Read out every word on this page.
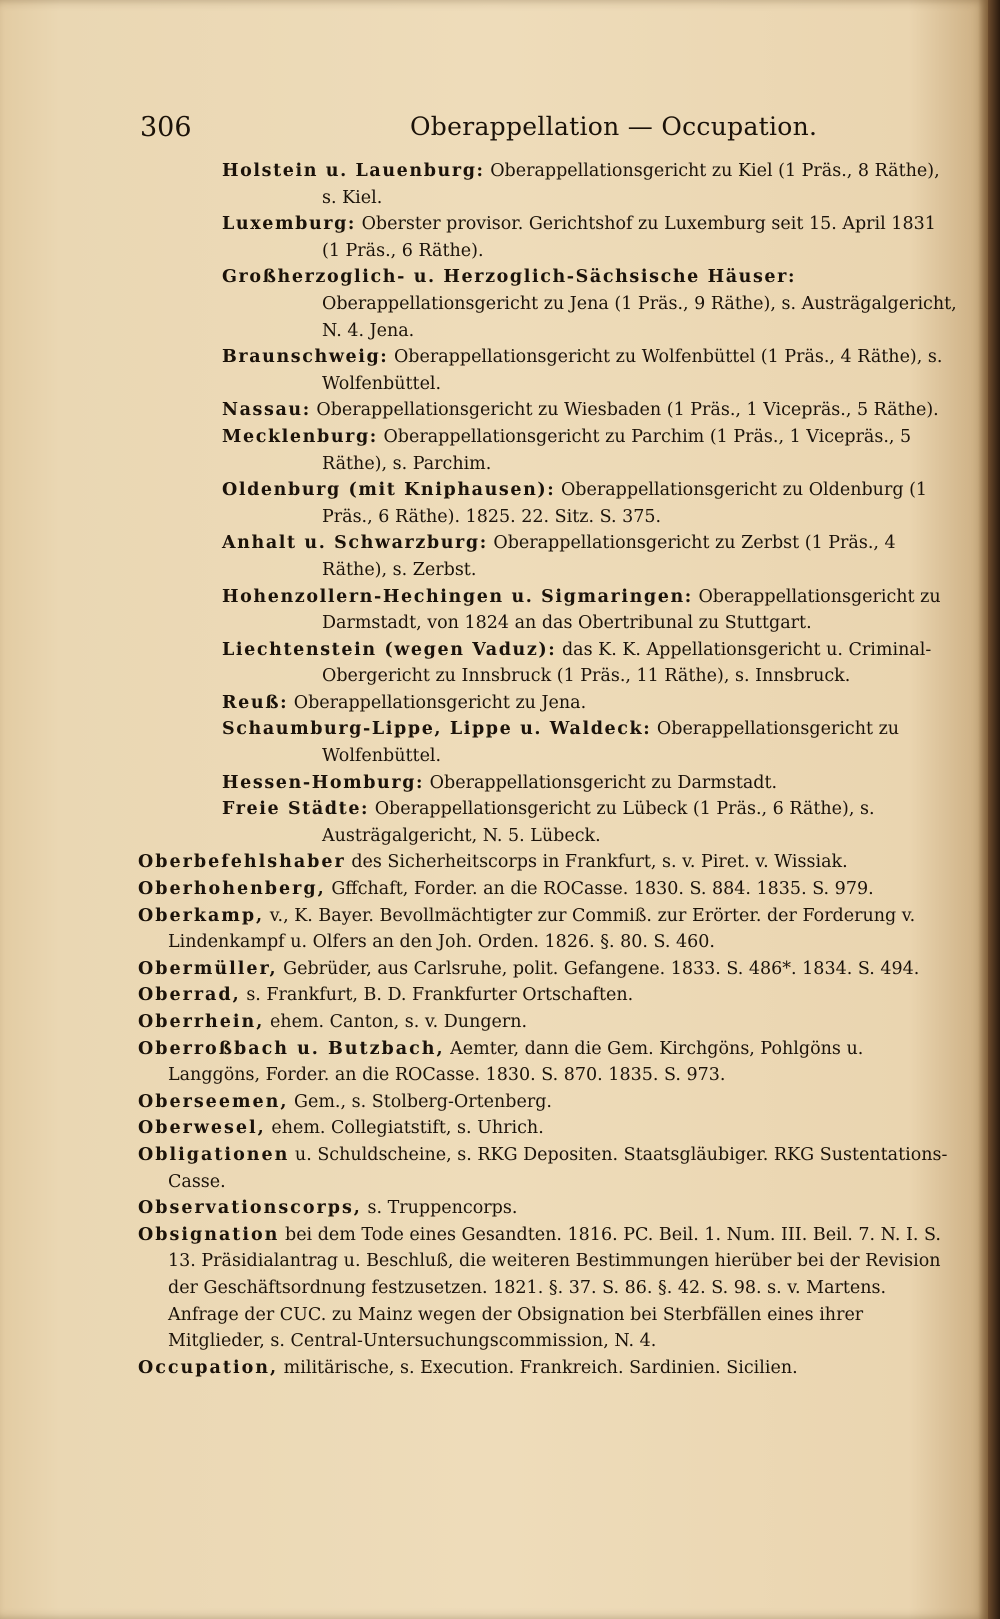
306	Oberappellation — Occupation.
Holstein u. Lauenburg: Oberappellationsgericht zu Kiel (1 Präs., 8 Räthe), s. Kiel.
Luxemburg: Oberster provisor. Gerichtshof zu Luxemburg seit 15. April 1831 (1 Präs., 6 Räthe).
Großherzoglich- u. Herzoglich-Sächsische Häuser: Oberappellationsgericht zu Jena (1 Präs., 9 Räthe), s. Austrägalgericht, N. 4. Jena.
Braunschweig: Oberappellationsgericht zu Wolfenbüttel (1 Präs., 4 Räthe), s. Wolfenbüttel.
Nassau: Oberappellationsgericht zu Wiesbaden (1 Präs., 1 Vicepräs., 5 Räthe).
Mecklenburg: Oberappellationsgericht zu Parchim (1 Präs., 1 Vicepräs., 5 Räthe), s. Parchim.
Oldenburg (mit Kniphausen): Oberappellationsgericht zu Oldenburg (1 Präs., 6 Räthe). 1825. 22. Sitz. S. 375.
Anhalt u. Schwarzburg: Oberappellationsgericht zu Zerbst (1 Präs., 4 Räthe), s. Zerbst.
Hohenzollern-Hechingen u. Sigmaringen: Oberappellationsgericht zu Darmstadt, von 1824 an das Obertribunal zu Stuttgart.
Liechtenstein (wegen Vaduz): das K. K. Appellationsgericht u. Criminal-Obergericht zu Innsbruck (1 Präs., 11 Räthe), s. Innsbruck.
Reuß: Oberappellationsgericht zu Jena.
Schaumburg-Lippe, Lippe u. Waldeck: Oberappellationsgericht zu Wolfenbüttel.
Hessen-Homburg: Oberappellationsgericht zu Darmstadt.
Freie Städte: Oberappellationsgericht zu Lübeck (1 Präs., 6 Räthe), s. Austrägalgericht, N. 5. Lübeck.
Oberbefehlshaber des Sicherheitscorps in Frankfurt, s. v. Piret. v. Wissiak.
Oberhohenberg, Gffchaft, Forder. an die ROCasse. 1830. S. 884. 1835. S. 979.
Oberkamp, v., K. Bayer. Bevollmächtigter zur Commiß. zur Erörter. der Forderung v. Lindenkampf u. Olfers an den Joh. Orden. 1826. §. 80. S. 460.
Obermüller, Gebrüder, aus Carlsruhe, polit. Gefangene. 1833. S. 486*. 1834. S. 494.
Oberrad, s. Frankfurt, B. D. Frankfurter Ortschaften.
Oberrhein, ehem. Canton, s. v. Dungern.
Oberroßbach u. Butzbach, Aemter, dann die Gem. Kirchgöns, Pohlgöns u. Langgöns, Forder. an die ROCasse. 1830. S. 870. 1835. S. 973.
Oberseemen, Gem., s. Stolberg-Ortenberg.
Oberwesel, ehem. Collegiatstift, s. Uhrich.
Obligationen u. Schuldscheine, s. RKG Depositen. Staatsgläubiger. RKG Sustentations-Casse.
Observationscorps, s. Truppencorps.
Obsignation bei dem Tode eines Gesandten. 1816. PC. Beil. 1. Num. III. Beil. 7. N. I. S. 13. Präsidialantrag u. Beschluß, die weiteren Bestimmungen hierüber bei der Revision der Geschäftsordnung festzusetzen. 1821. §. 37. S. 86. §. 42. S. 98. s. v. Martens. Anfrage der CUC. zu Mainz wegen der Obsignation bei Sterbfällen eines ihrer Mitglieder, s. Central-Untersuchungscommission, N. 4.
Occupation, militärische, s. Execution. Frankreich. Sardinien. Sicilien.
